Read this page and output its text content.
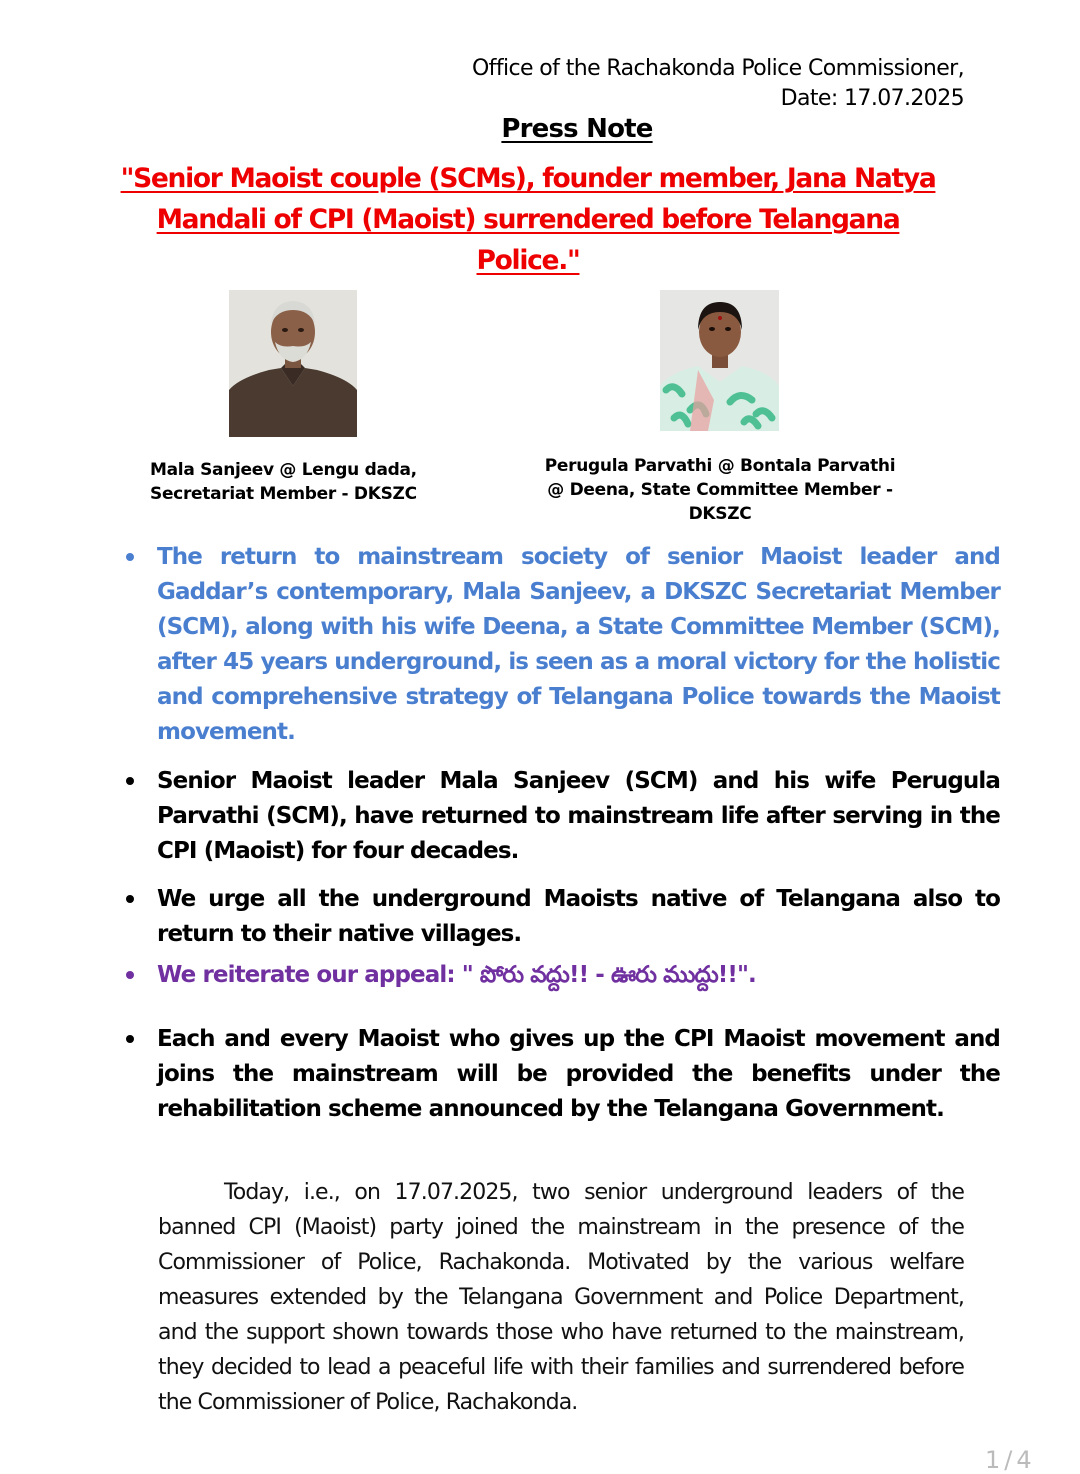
Office of the Rachakonda Police Commissioner,
Date: 17.07.2025
Press Note
"Senior Maoist couple (SCMs), founder member, Jana Natya Mandali of CPI (Maoist) surrendered before Telangana Police."
Mala Sanjeev @ Lengu dada,
Secretariat Member - DKSZC
Perugula Parvathi @ Bontala Parvathi
@ Deena, State Committee Member -
DKSZC
The return to mainstream society of senior Maoist leader and Gaddar’s contemporary, Mala Sanjeev, a DKSZC Secretariat Member (SCM), along with his wife Deena, a State Committee Member (SCM), after 45 years underground, is seen as a moral victory for the holistic and comprehensive strategy of Telangana Police towards the Maoist movement.
Senior Maoist leader Mala Sanjeev (SCM) and his wife Perugula Parvathi (SCM), have returned to mainstream life after serving in the CPI (Maoist) for four decades.
We urge all the underground Maoists native of Telangana also to return to their native villages.
We reiterate our appeal: " పోరు వద్దు!! - ఊరు ముద్దు!!".
Each and every Maoist who gives up the CPI Maoist movement and joins the mainstream will be provided the benefits under the rehabilitation scheme announced by the Telangana Government.
Today, i.e., on 17.07.2025, two senior underground leaders of the banned CPI (Maoist) party joined the mainstream in the presence of the Commissioner of Police, Rachakonda. Motivated by the various welfare measures extended by the Telangana Government and Police Department, and the support shown towards those who have returned to the mainstream, they decided to lead a peaceful life with their families and surrendered before the Commissioner of Police, Rachakonda.
1/4
